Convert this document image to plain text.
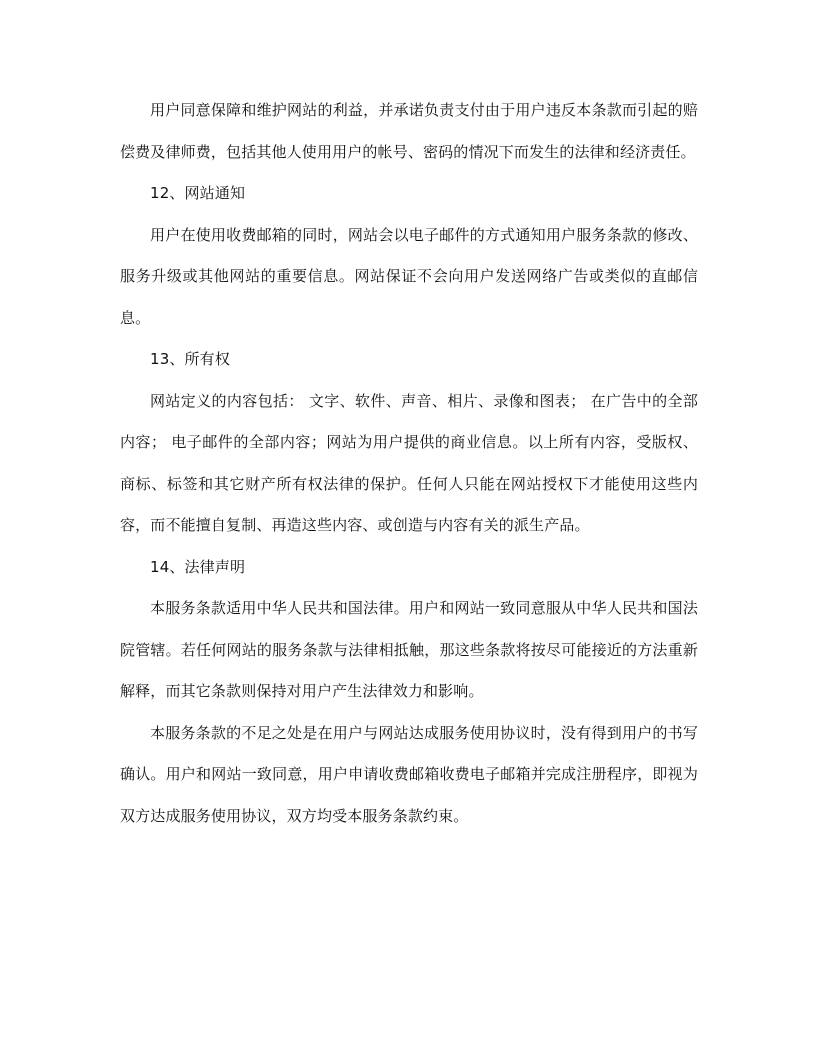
用户同意保障和维护网站的利益，并承诺负责支付由于用户违反本条款而引起的赔偿费及律师费，包括其他人使用用户的帐号、密码的情况下而发生的法律和经济责任。

12、网站通知

用户在使用收费邮箱的同时，网站会以电子邮件的方式通知用户服务条款的修改、服务升级或其他网站的重要信息。网站保证不会向用户发送网络广告或类似的直邮信息。

13、所有权

网站定义的内容包括： 文字、软件、声音、相片、录像和图表； 在广告中的全部内容； 电子邮件的全部内容；网站为用户提供的商业信息。以上所有内容，受版权、商标、标签和其它财产所有权法律的保护。任何人只能在网站授权下才能使用这些内容，而不能擅自复制、再造这些内容、或创造与内容有关的派生产品。

14、法律声明

本服务条款适用中华人民共和国法律。用户和网站一致同意服从中华人民共和国法院管辖。若任何网站的服务条款与法律相抵触，那这些条款将按尽可能接近的方法重新解释，而其它条款则保持对用户产生法律效力和影响。

本服务条款的不足之处是在用户与网站达成服务使用协议时，没有得到用户的书写确认。用户和网站一致同意，用户申请收费邮箱收费电子邮箱并完成注册程序，即视为双方达成服务使用协议，双方均受本服务条款约束。
